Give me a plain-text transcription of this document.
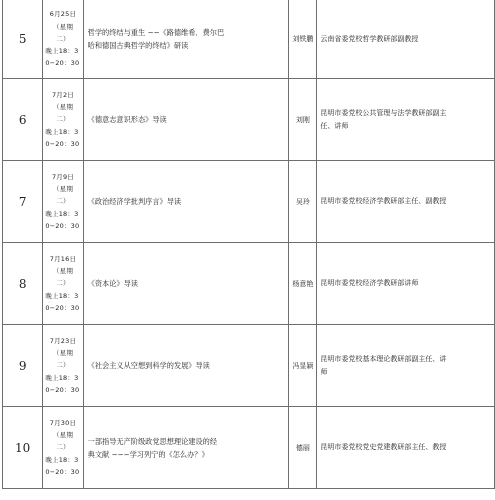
5	6月25日
（星期
二）
晚上18：3
0−20：30	哲学的终结与重生 −−《路德维希．费尔巴
哈和德国古典哲学的终结》研读	刘铁鹏	云南省委党校哲学教研部副教授

6	7月2日
（星期
二）
晚上18：3
0−20：30	《德意志意识形态》导读	刘刚	昆明市委党校公共管理与法学教研部副主
任、讲师

7	7月9日
（星期
二）
晚上18：3
0−20：30	《政治经济学批判序言》导读	吴玲	昆明市委党校经济学教研部主任、副教授

8	7月16日
（星期
二）
晚上18：3
0−20：30	《资本论》导读	杨意艳	昆明市委党校经济学教研部讲师

9	7月23日
（星期
二）
晚上18：3
0−20：30	《社会主义从空想到科学的发展》导读	冯显颖	昆明市委党校基本理论教研部副主任、讲
师

10	7月30日
（星期
二）
晚上18：3
0−20：30	一部指导无产阶级政党思想理论建设的经
典文献 −−−学习列宁的《怎么办？》	德丽	昆明市委党校党史党建教研部主任、教授
